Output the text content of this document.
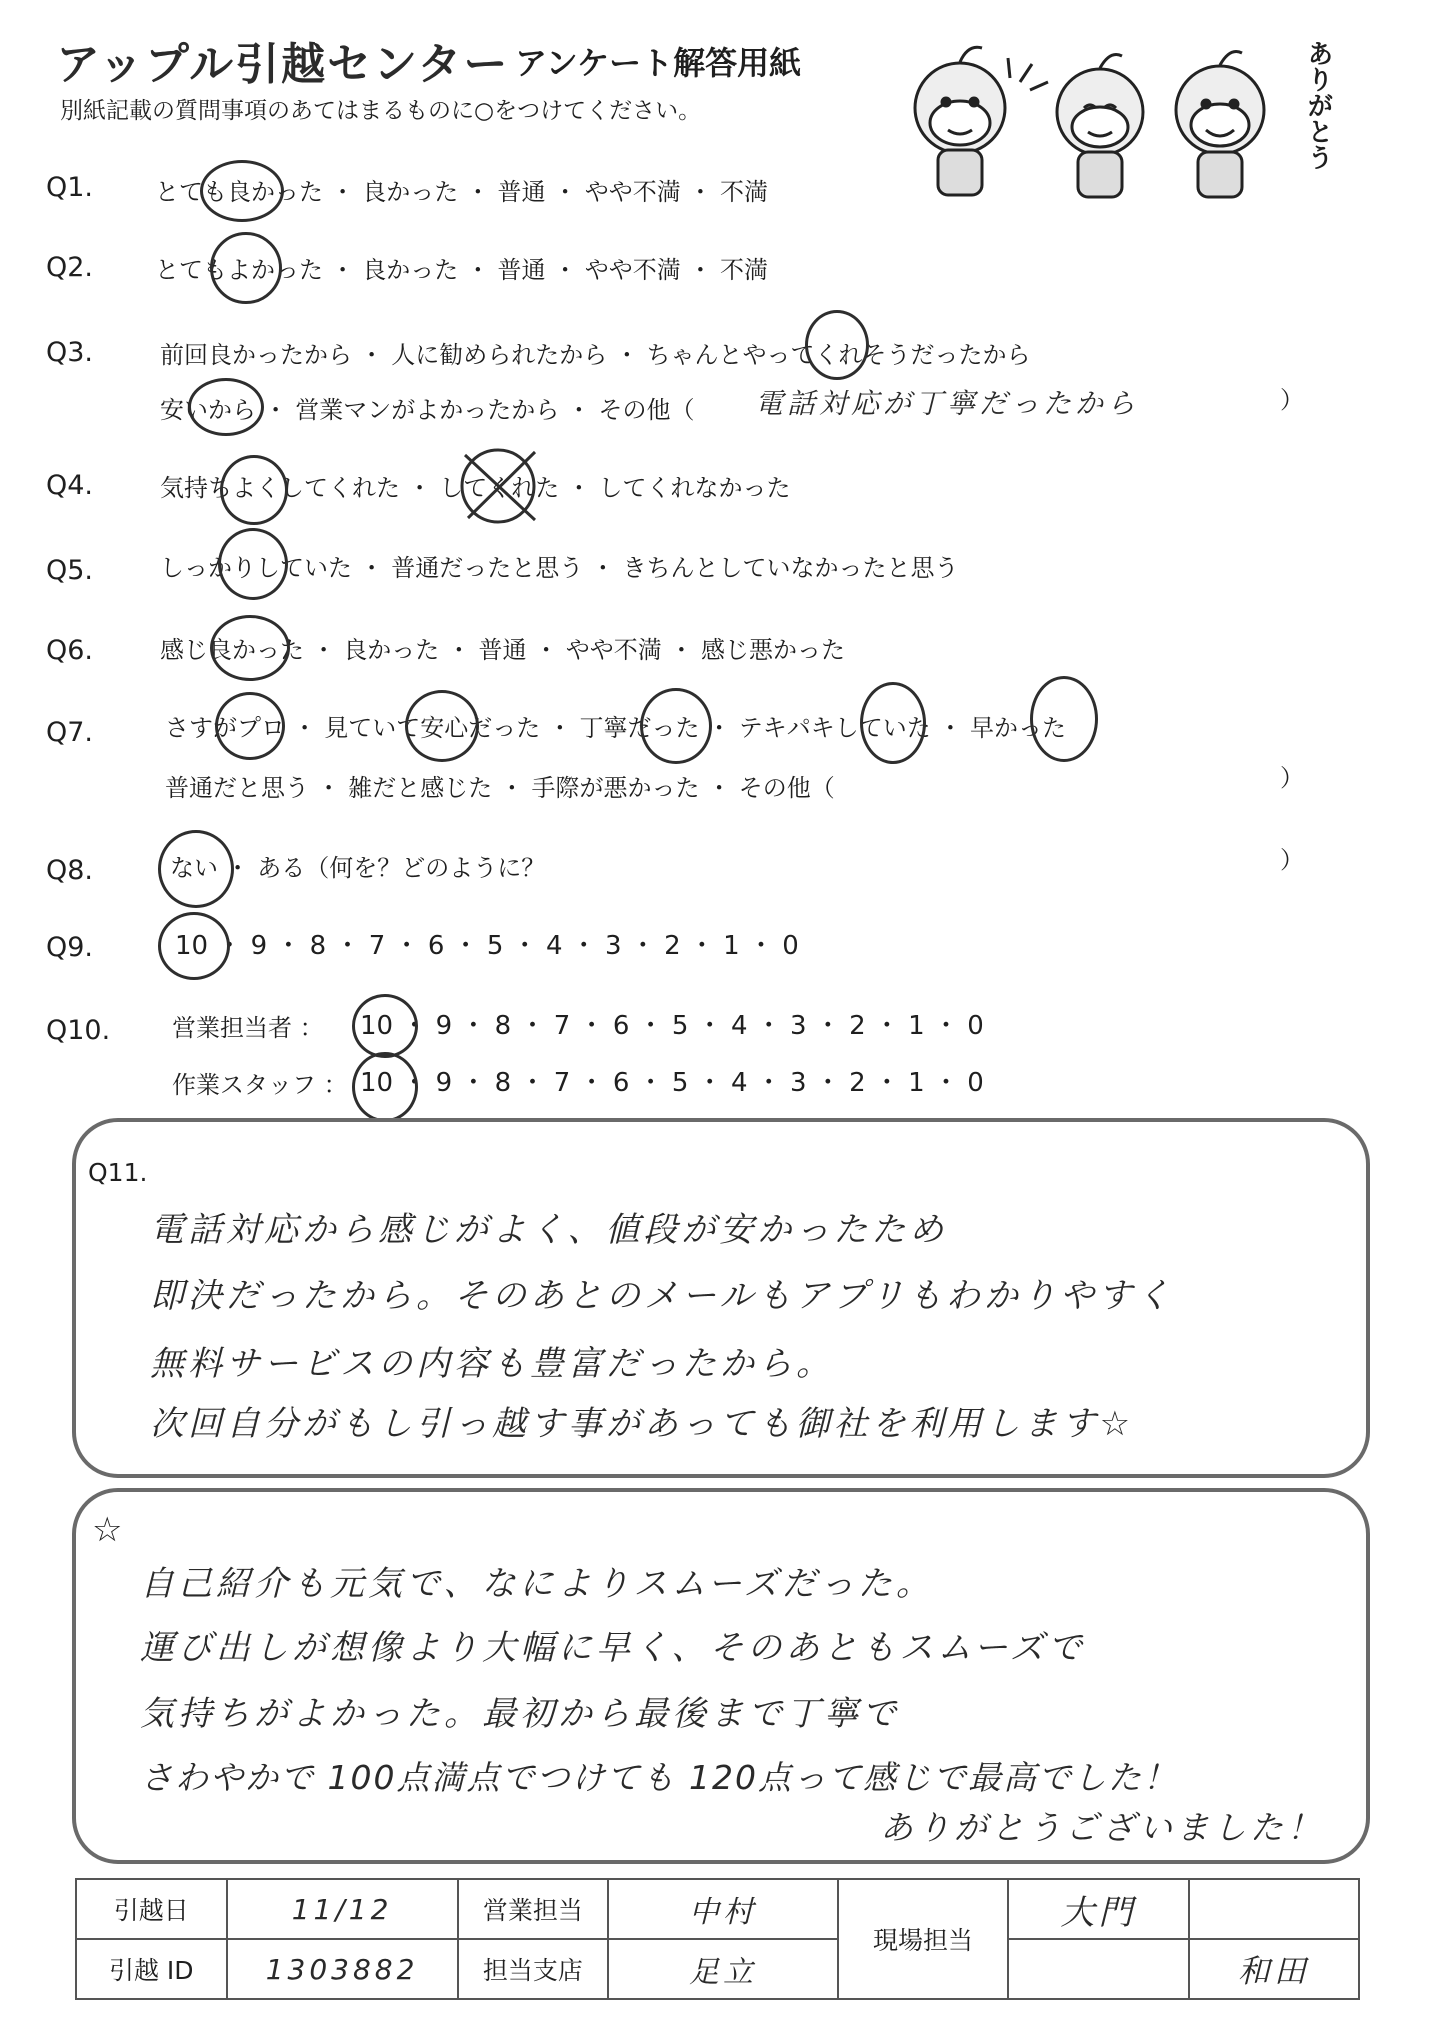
アップル引越センター アンケート解答用紙
別紙記載の質問事項のあてはまるものに○をつけてください。	ありがとう
Q1.	とても良かった ・ 良かった ・ 普通 ・ やや不満 ・ 不満
Q2.	とてもよかった ・ 良かった ・ 普通 ・ やや不満 ・ 不満
Q3.	前回良かったから ・ 人に勧められたから ・ ちゃんとやってくれそうだったから
安いから ・ 営業マンがよかったから ・ その他（ 電話対応が丁寧だったから	）
Q4.	気持ちよくしてくれた ・ してくれた ・ してくれなかった
Q5.	しっかりしていた ・ 普通だったと思う ・ きちんとしていなかったと思う
Q6.	感じ良かった ・ 良かった ・ 普通 ・ やや不満 ・ 感じ悪かった
Q7.	さすがプロ ・ 見ていて安心だった ・ 丁寧だった ・ テキパキしていた ・ 早かった
普通だと思う ・ 雑だと感じた ・ 手際が悪かった ・ その他（	）
Q8.	ない ・ ある（何を？どのように？	）
Q9.	10 ・ 9 ・ 8 ・ 7 ・ 6 ・ 5 ・ 4 ・ 3 ・ 2 ・ 1 ・ 0
Q10.	営業担当者 ： 10 ・ 9 ・ 8 ・ 7 ・ 6 ・ 5 ・ 4 ・ 3 ・ 2 ・ 1 ・ 0
作業スタッフ ： 10 ・ 9 ・ 8 ・ 7 ・ 6 ・ 5 ・ 4 ・ 3 ・ 2 ・ 1 ・ 0
Q11.
電話対応から感じがよく、値段が安かったため
即決だったから。そのあとのメールもアプリもわかりやすく
無料サービスの内容も豊富だったから。
次回自分がもし引っ越す事があっても御社を利用します☆
☆
自己紹介も元気で、なによりスムーズだった。
運び出しが想像より大幅に早く、そのあともスムーズで
気持ちがよかった。最初から最後まで丁寧で
さわやかで 100点満点でつけても 120点って感じで最高でした！
ありがとうございました！
引越日	11/12	営業担当	中村	現場担当	大門	
引越 ID	1303882	担当支店	足立			和田
